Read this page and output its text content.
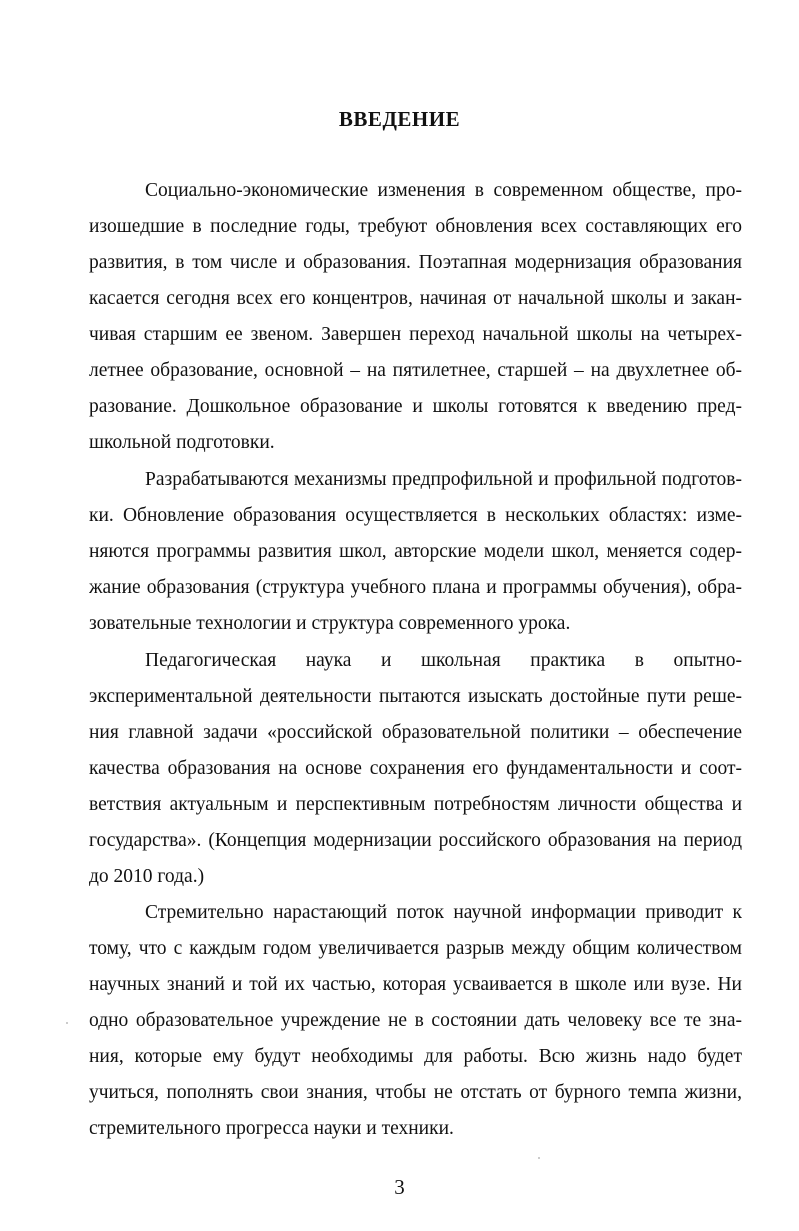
ВВЕДЕНИЕ

Социально-экономические изменения в современном обществе, про-
изошедшие в последние годы, требуют обновления всех составляющих его
развития, в том числе и образования. Поэтапная модернизация образования
касается сегодня всех его концентров, начиная от начальной школы и закан-
чивая старшим ее звеном. Завершен переход начальной школы на четырех-
летнее образование, основной – на пятилетнее, старшей – на двухлетнее об-
разование. Дошкольное образование и школы готовятся к введению пред-
школьной подготовки.

Разрабатываются механизмы предпрофильной и профильной подготов-
ки. Обновление образования осуществляется в нескольких областях: изме-
няются программы развития школ, авторские модели школ, меняется содер-
жание образования (структура учебного плана и программы обучения), обра-
зовательные технологии и структура современного урока.

Педагогическая наука и школьная практика в опытно-
экспериментальной деятельности пытаются изыскать достойные пути реше-
ния главной задачи «российской образовательной политики – обеспечение
качества образования на основе сохранения его фундаментальности и соот-
ветствия актуальным и перспективным потребностям личности общества и
государства». (Концепция модернизации российского образования на период
до 2010 года.)

Стремительно нарастающий поток научной информации приводит к
тому, что с каждым годом увеличивается разрыв между общим количеством
научных знаний и той их частью, которая усваивается в школе или вузе. Ни
одно образовательное учреждение не в состоянии дать человеку все те зна-
ния, которые ему будут необходимы для работы. Всю жизнь надо будет
учиться, пополнять свои знания, чтобы не отстать от бурного темпа жизни,
стремительного прогресса науки и техники.

3
